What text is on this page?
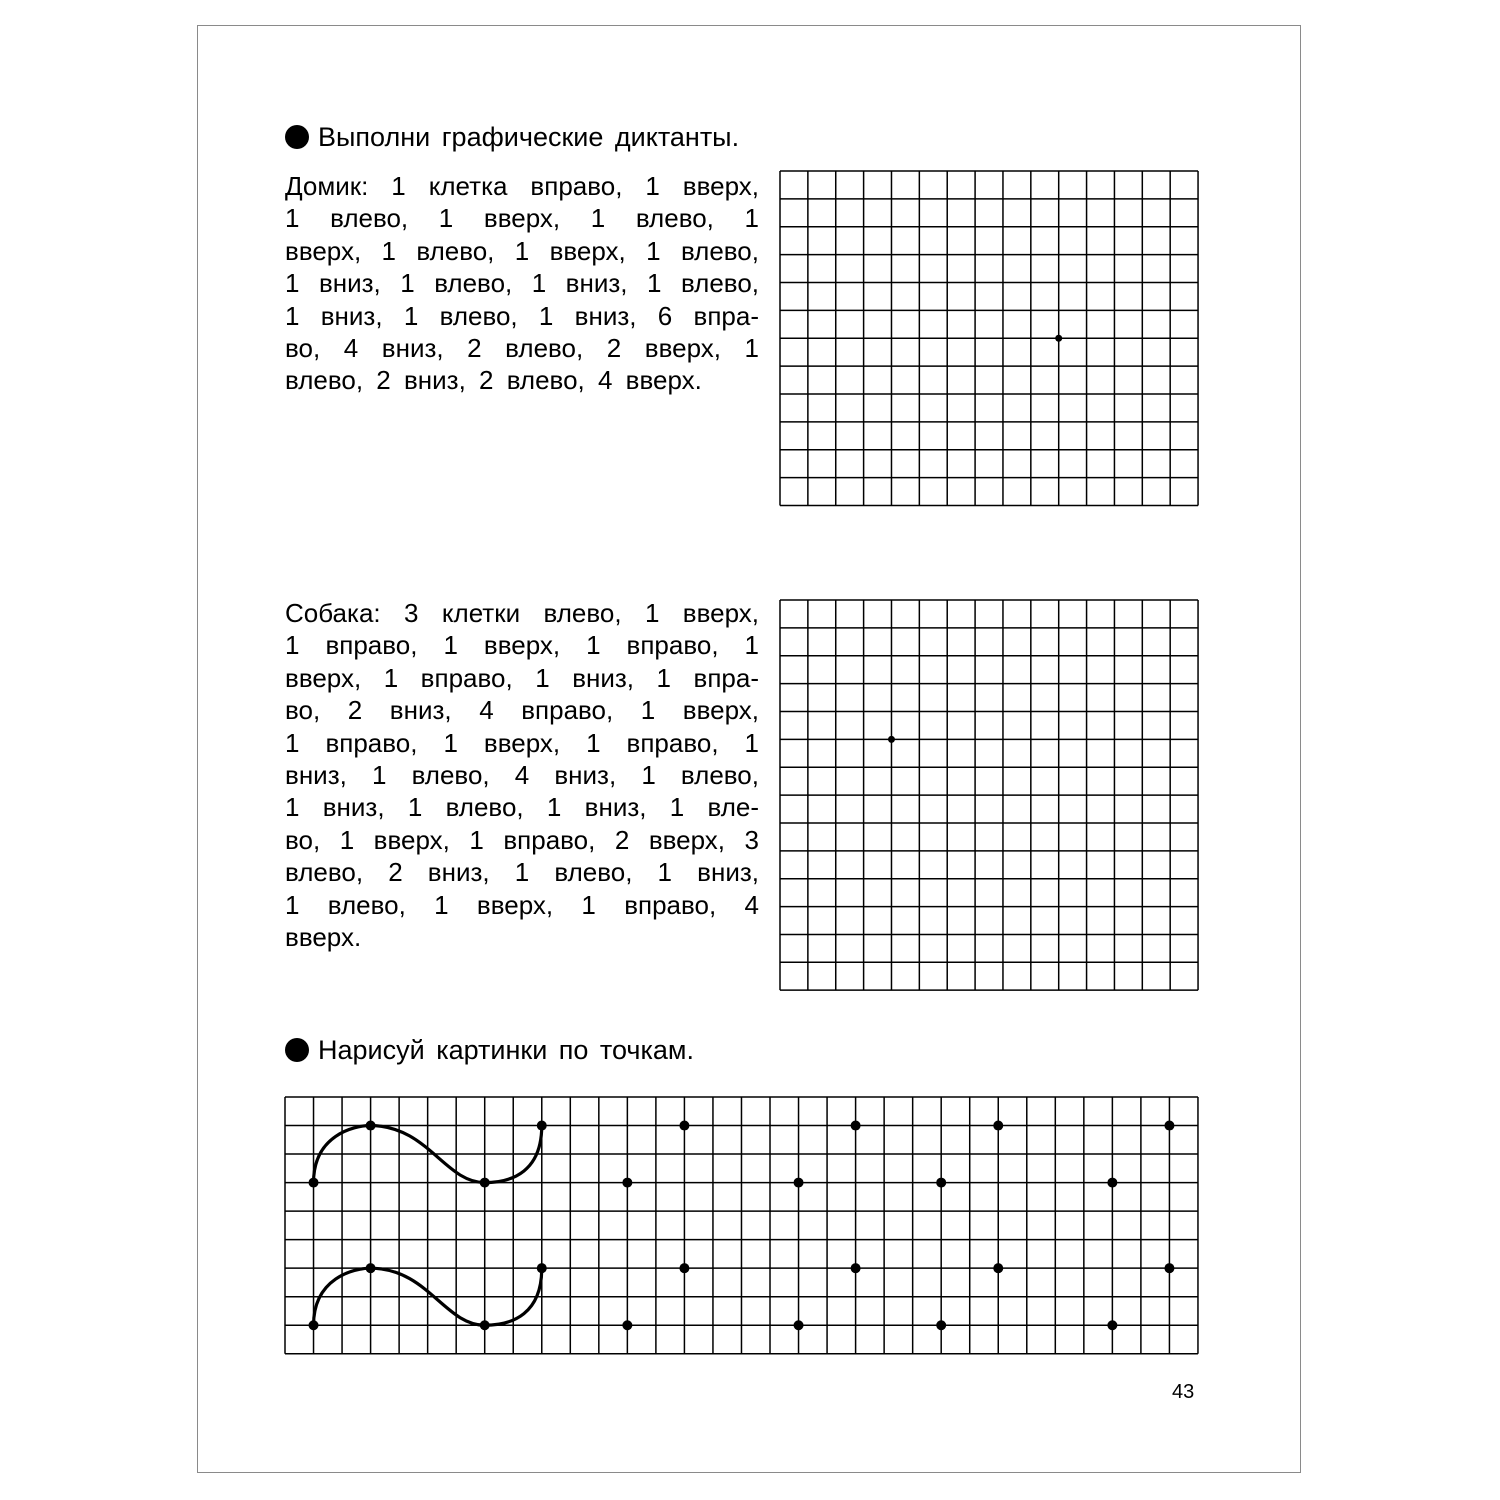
Выполни графические диктанты.
Домик: 1 клетка вправо, 1 вверх,
1 влево, 1 вверх, 1 влево, 1
вверх, 1 влево, 1 вверх, 1 влево,
1 вниз, 1 влево, 1 вниз, 1 влево,
1 вниз, 1 влево, 1 вниз, 6 впра-
во, 4 вниз, 2 влево, 2 вверх, 1
влево, 2 вниз, 2 влево, 4 вверх.
Собака: 3 клетки влево, 1 вверх,
1 вправо, 1 вверх, 1 вправо, 1
вверх, 1 вправо, 1 вниз, 1 впра-
во, 2 вниз, 4 вправо, 1 вверх,
1 вправо, 1 вверх, 1 вправо, 1
вниз, 1 влево, 4 вниз, 1 влево,
1 вниз, 1 влево, 1 вниз, 1 вле-
во, 1 вверх, 1 вправо, 2 вверх, 3
влево, 2 вниз, 1 влево, 1 вниз,
1 влево, 1 вверх, 1 вправо, 4
вверх.
Нарисуй картинки по точкам.
43
